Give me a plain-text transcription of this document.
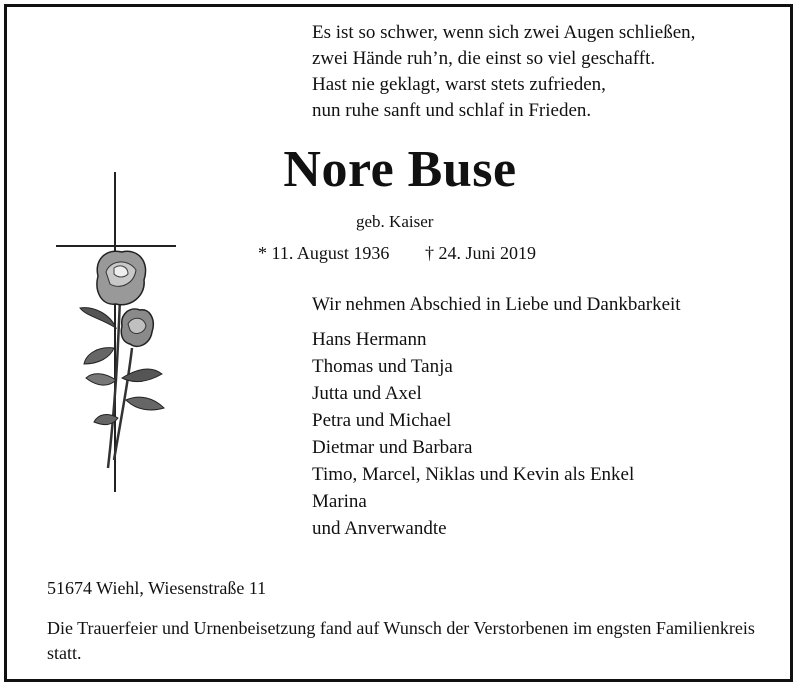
Es ist so schwer, wenn sich zwei Augen schließen,
zwei Hände ruh’n, die einst so viel geschafft.
Hast nie geklagt, warst stets zufrieden,
nun ruhe sanft und schlaf in Frieden.
Nore Buse
geb. Kaiser
* 11. August 1936 † 24. Juni 2019
Wir nehmen Abschied in Liebe und Dankbarkeit
Hans Hermann
Thomas und Tanja
Jutta und Axel
Petra und Michael
Dietmar und Barbara
Timo, Marcel, Niklas und Kevin als Enkel
Marina
und Anverwandte
51674 Wiehl, Wiesenstraße 11
Die Trauerfeier und Urnenbeisetzung fand auf Wunsch der Verstorbenen im engsten Familienkreis statt.
